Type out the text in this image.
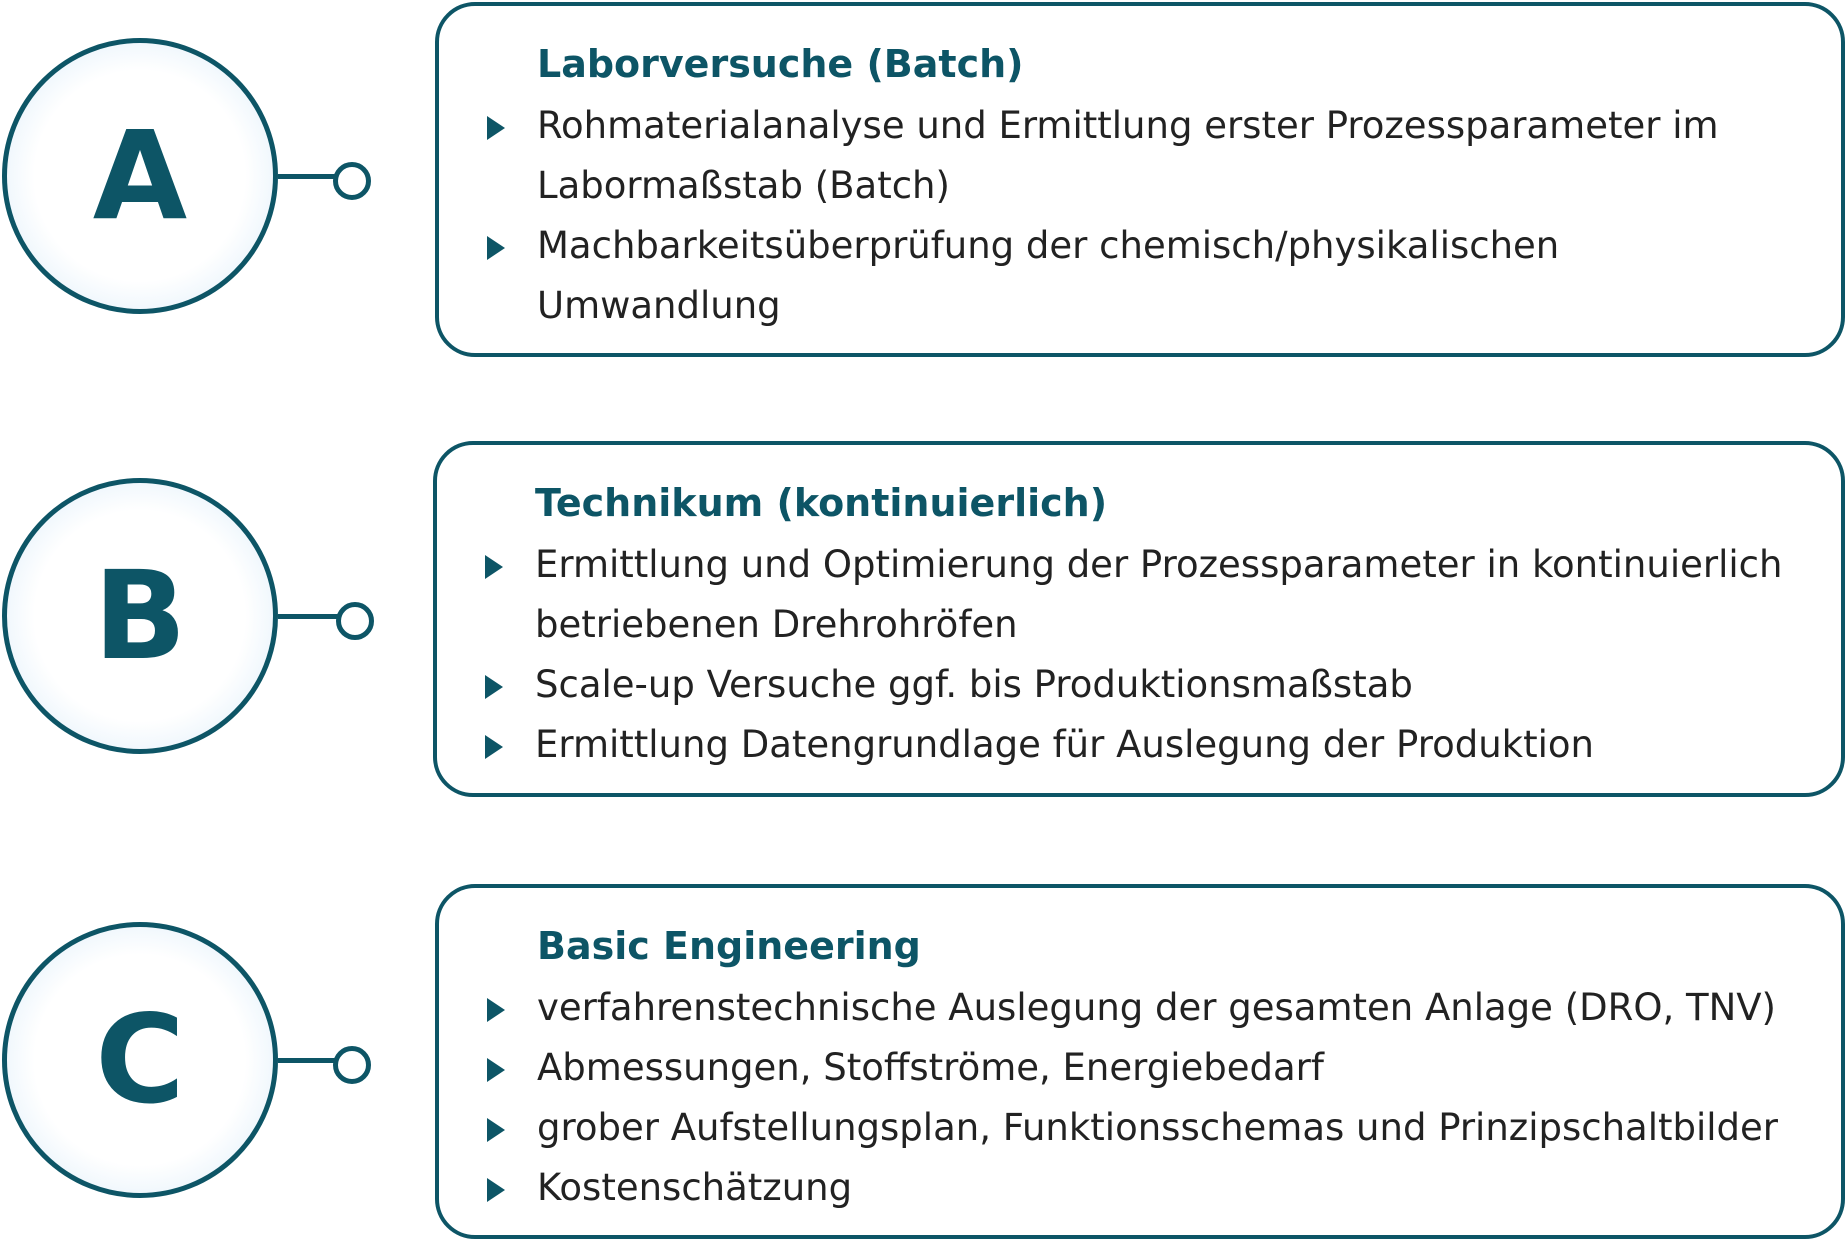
A
Laborversuche (Batch)
Rohmaterialanalyse und Ermittlung erster Prozessparameter im Labormaßstab (Batch)
Machbarkeitsüberprüfung der chemisch/physikalischen Umwandlung
B
Technikum (kontinuierlich)
Ermittlung und Optimierung der Prozessparameter in kontinuierlich betriebenen Drehrohröfen
Scale-up Versuche ggf. bis Produktionsmaßstab
Ermittlung Datengrundlage für Auslegung der Produktion
C
Basic Engineering
verfahrenstechnische Auslegung der gesamten Anlage (DRO, TNV)
Abmessungen, Stoffströme, Energiebedarf
grober Aufstellungsplan, Funktionsschemas und Prinzipschaltbilder
Kostenschätzung
